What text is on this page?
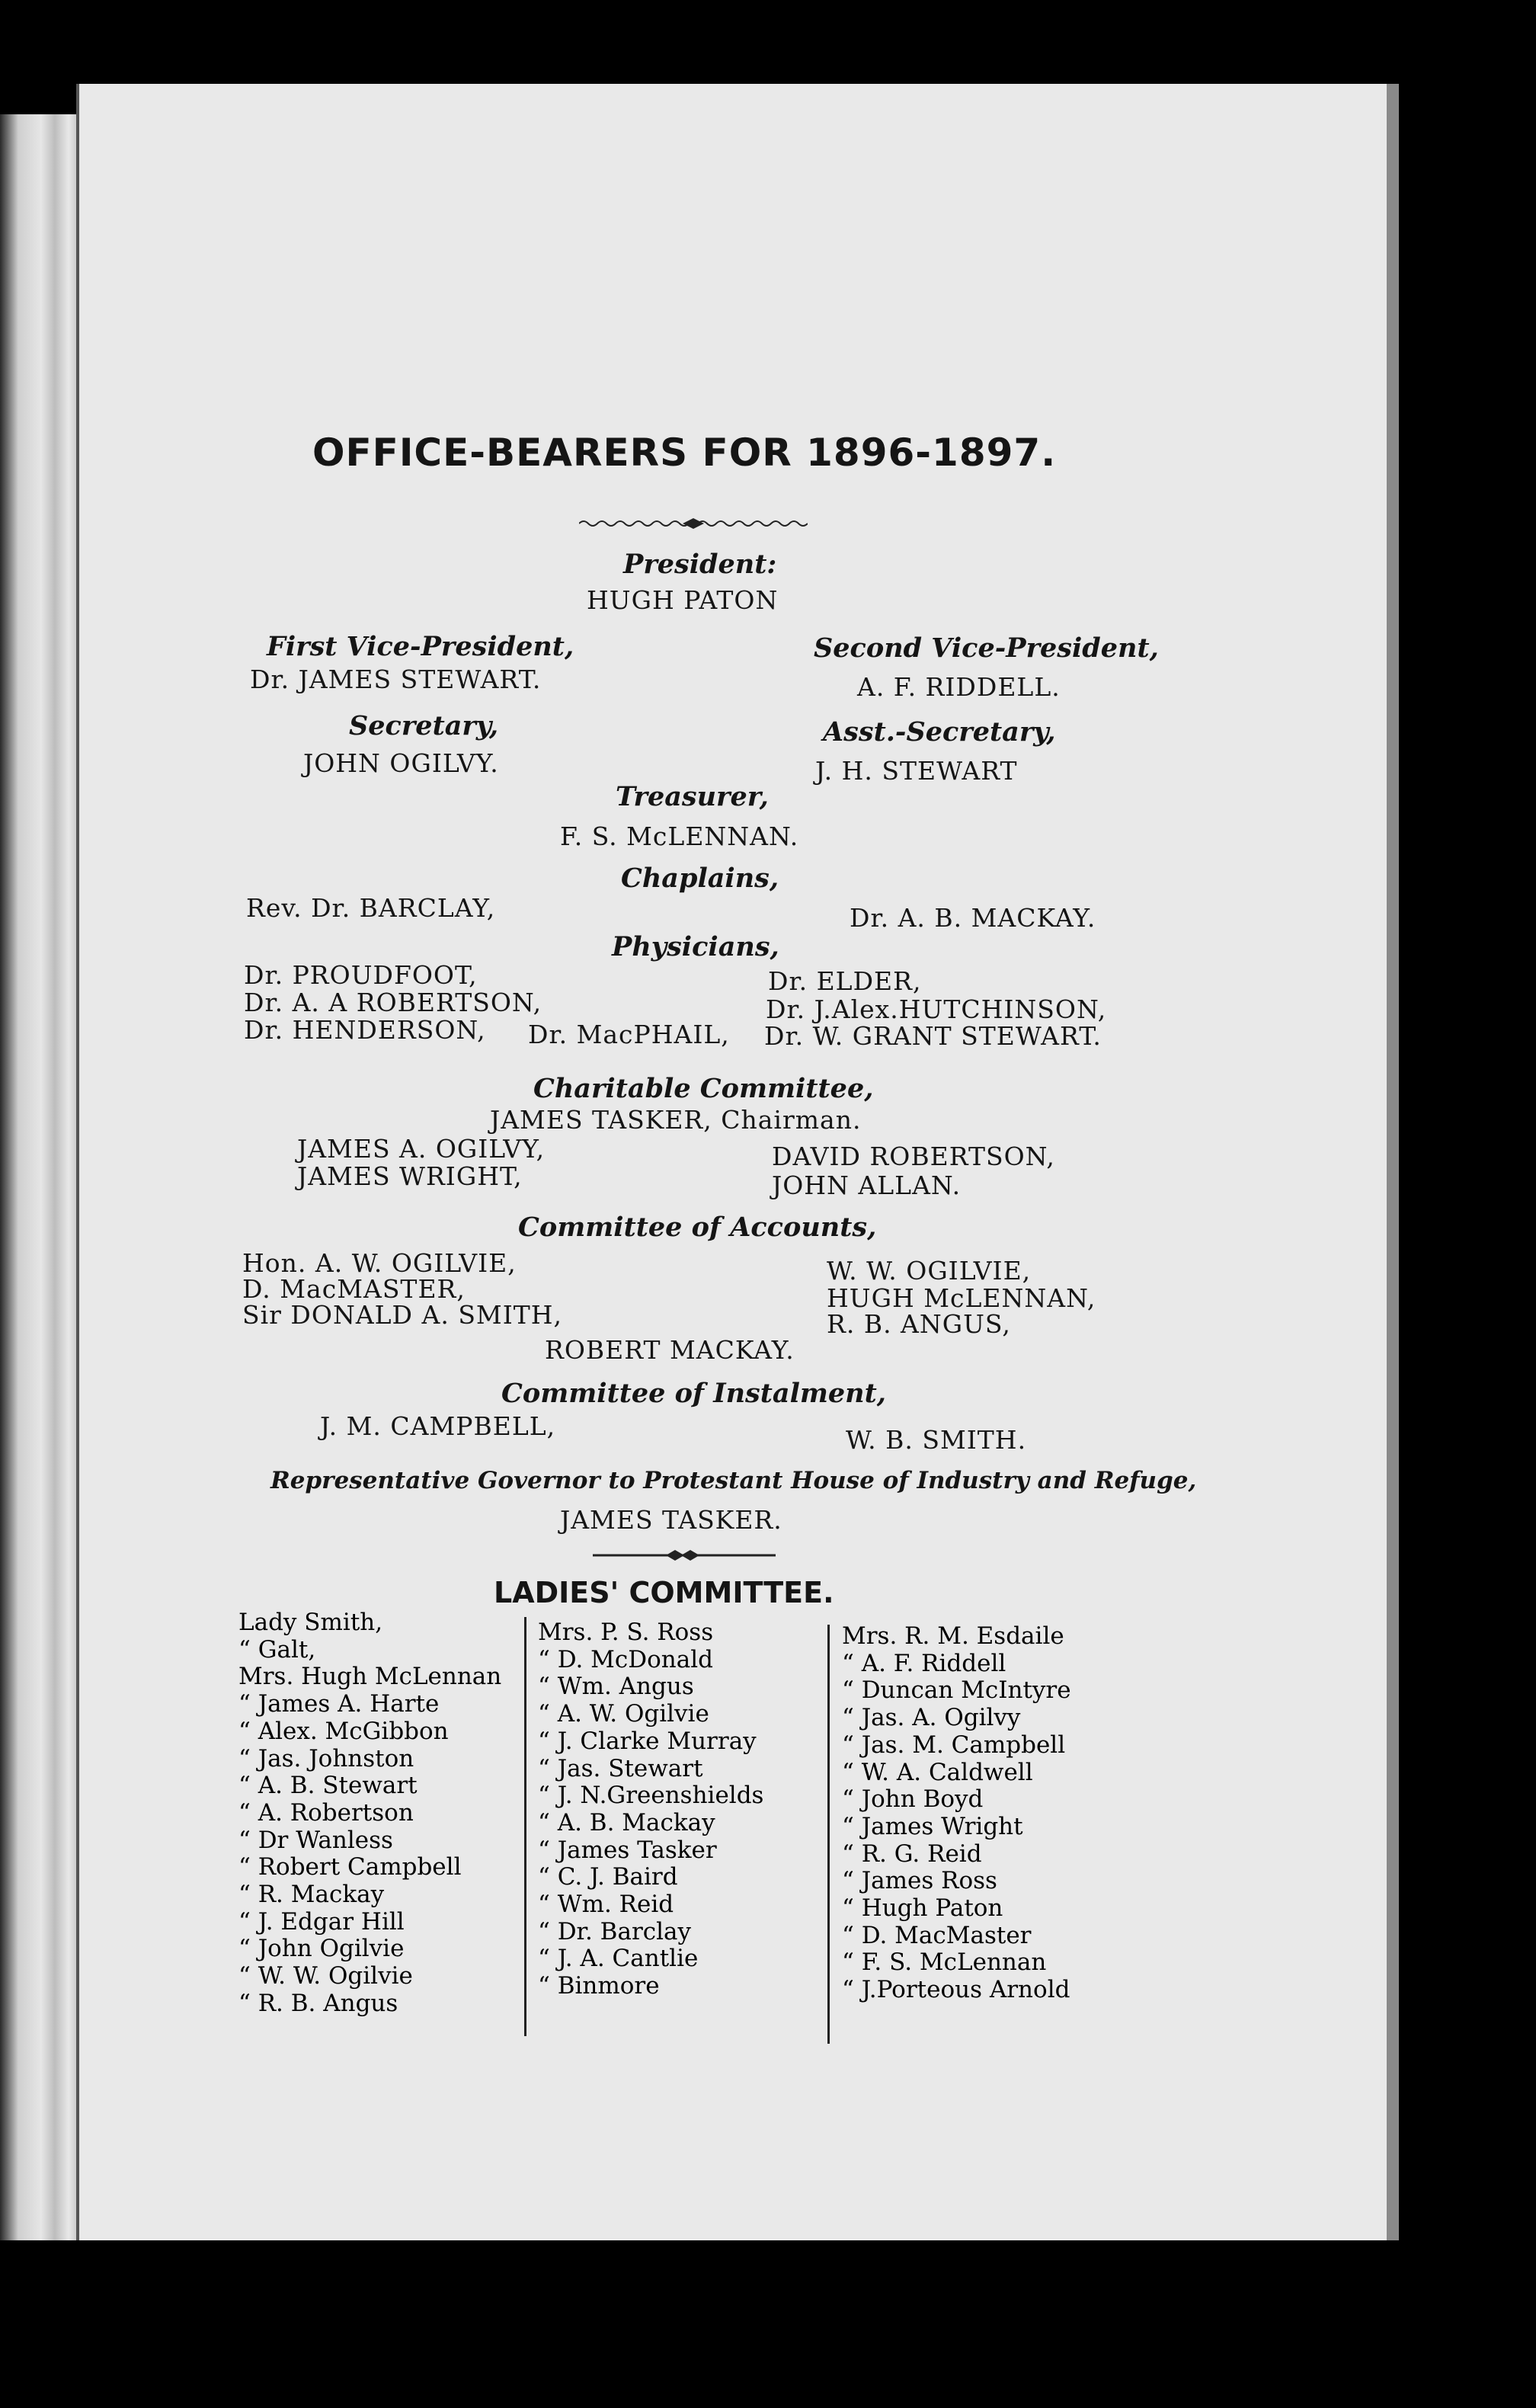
OFFICE-BEARERS FOR 1896-1897.
President:
HUGH PATON
First Vice-President,
Dr. JAMES STEWART.
Second Vice-President,
A. F. RIDDELL.
Secretary,
JOHN OGILVY.
Asst.-Secretary,
J. H. STEWART
Treasurer,
F. S. McLENNAN.
Chaplains,
Rev. Dr. BARCLAY,	Dr. A. B. MACKAY.
Physicians,
Dr. PROUDFOOT,
Dr. A. A ROBERTSON,
Dr. HENDERSON, Dr. MacPHAIL,
Dr. ELDER,
Dr. J.Alex.HUTCHINSON,
Dr. W. GRANT STEWART.
Charitable Committee,
JAMES TASKER, Chairman.
JAMES A. OGILVY,
JAMES WRIGHT,
DAVID ROBERTSON,
JOHN ALLAN.
Committee of Accounts,
Hon. A. W. OGILVIE,
D. MacMASTER,
Sir DONALD A. SMITH,
W. W. OGILVIE,
HUGH McLENNAN,
R. B. ANGUS,
ROBERT MACKAY.
Committee of Instalment,
J. M. CAMPBELL,	W. B. SMITH.
Representative Governor to Protestant House of Industry and Refuge,
JAMES TASKER.
LADIES' COMMITTEE.
Lady Smith,
“ Galt,
Mrs. Hugh McLennan
“ James A. Harte
“ Alex. McGibbon
“ Jas. Johnston
“ A. B. Stewart
“ A. Robertson
“ Dr Wanless
“ Robert Campbell
“ R. Mackay
“ J. Edgar Hill
“ John Ogilvie
“ W. W. Ogilvie
“ R. B. Angus
Mrs. P. S. Ross
“ D. McDonald
“ Wm. Angus
“ A. W. Ogilvie
“ J. Clarke Murray
“ Jas. Stewart
“ J. N.Greenshields
“ A. B. Mackay
“ James Tasker
“ C. J. Baird
“ Wm. Reid
“ Dr. Barclay
“ J. A. Cantlie
“ Binmore
Mrs. R. M. Esdaile
“ A. F. Riddell
“ Duncan McIntyre
“ Jas. A. Ogilvy
“ Jas. M. Campbell
“ W. A. Caldwell
“ John Boyd
“ James Wright
“ R. G. Reid
“ James Ross
“ Hugh Paton
“ D. MacMaster
“ F. S. McLennan
“ J.Porteous Arnold
